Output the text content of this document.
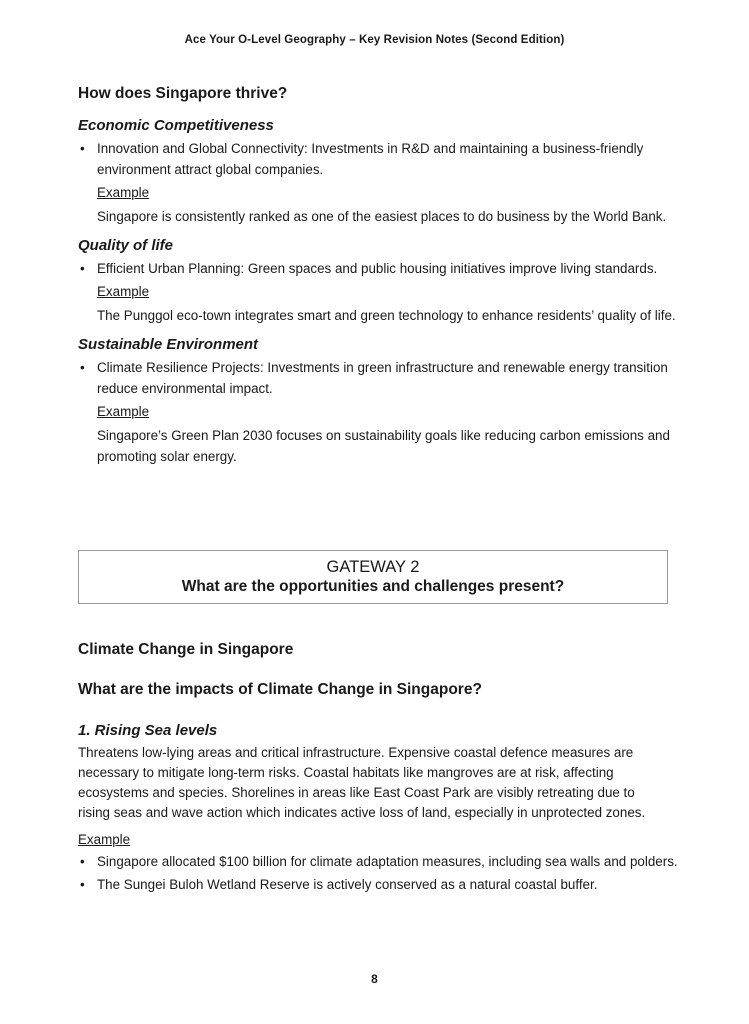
Ace Your O-Level Geography – Key Revision Notes (Second Edition)
How does Singapore thrive?
Economic Competitiveness
• Innovation and Global Connectivity: Investments in R&D and maintaining a business-friendly environment attract global companies.
Example
Singapore is consistently ranked as one of the easiest places to do business by the World Bank.
Quality of life
• Efficient Urban Planning: Green spaces and public housing initiatives improve living standards.
Example
The Punggol eco-town integrates smart and green technology to enhance residents’ quality of life.
Sustainable Environment
• Climate Resilience Projects: Investments in green infrastructure and renewable energy transition reduce environmental impact.
Example
Singapore’s Green Plan 2030 focuses on sustainability goals like reducing carbon emissions and promoting solar energy.
GATEWAY 2
What are the opportunities and challenges present?
Climate Change in Singapore
What are the impacts of Climate Change in Singapore?
1. Rising Sea levels

Threatens low-lying areas and critical infrastructure. Expensive coastal defence measures are necessary to mitigate long-term risks. Coastal habitats like mangroves are at risk, affecting ecosystems and species. Shorelines in areas like East Coast Park are visibly retreating due to rising seas and wave action which indicates active loss of land, especially in unprotected zones.

Example
• Singapore allocated $100 billion for climate adaptation measures, including sea walls and polders.
• The Sungei Buloh Wetland Reserve is actively conserved as a natural coastal buffer.
8
